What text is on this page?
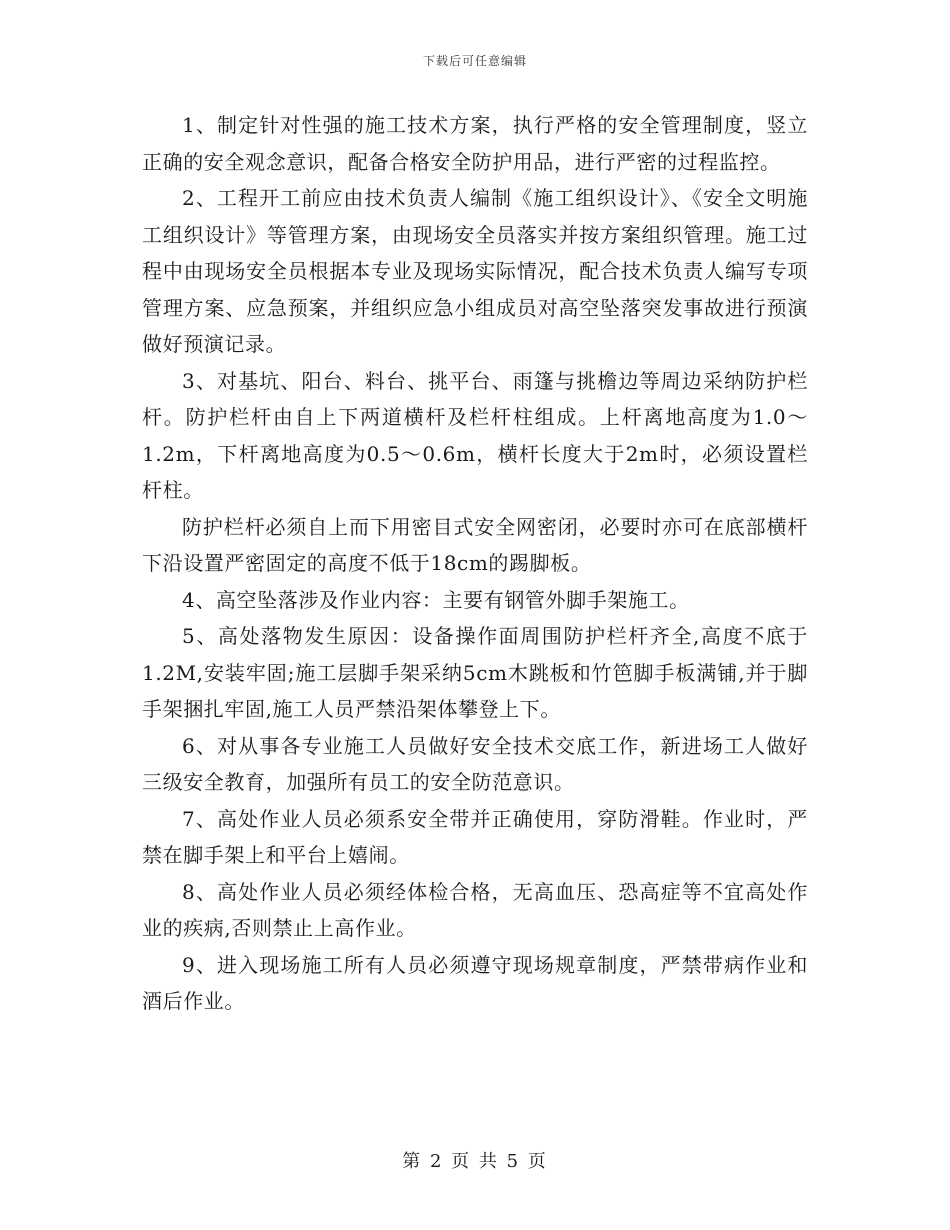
下载后可任意编辑

1、制定针对性强的施工技术方案，执行严格的安全管理制度，竖立正确的安全观念意识，配备合格安全防护用品，进行严密的过程监控。

2、工程开工前应由技术负责人编制《施工组织设计》、《安全文明施工组织设计》等管理方案，由现场安全员落实并按方案组织管理。施工过程中由现场安全员根据本专业及现场实际情况，配合技术负责人编写专项管理方案、应急预案，并组织应急小组成员对高空坠落突发事故进行预演做好预演记录。

3、对基坑、阳台、料台、挑平台、雨篷与挑檐边等周边采纳防护栏杆。防护栏杆由自上下两道横杆及栏杆柱组成。上杆离地高度为1.0～1.2m，下杆离地高度为0.5～0.6m，横杆长度大于2m时，必须设置栏杆柱。

防护栏杆必须自上而下用密目式安全网密闭，必要时亦可在底部横杆下沿设置严密固定的高度不低于18cm的踢脚板。

4、高空坠落涉及作业内容：主要有钢管外脚手架施工。

5、高处落物发生原因：设备操作面周围防护栏杆齐全,高度不底于1.2M,安装牢固;施工层脚手架采纳5cm木跳板和竹笆脚手板满铺,并于脚手架捆扎牢固,施工人员严禁沿架体攀登上下。

6、对从事各专业施工人员做好安全技术交底工作，新进场工人做好三级安全教育，加强所有员工的安全防范意识。

7、高处作业人员必须系安全带并正确使用，穿防滑鞋。作业时，严禁在脚手架上和平台上嬉闹。

8、高处作业人员必须经体检合格，无高血压、恐高症等不宜高处作业的疾病,否则禁止上高作业。

9、进入现场施工所有人员必须遵守现场规章制度，严禁带病作业和酒后作业。

第 2 页 共 5 页
